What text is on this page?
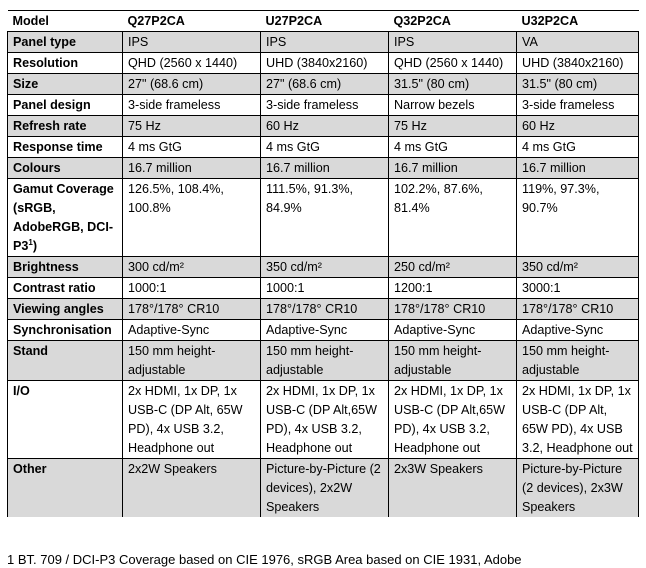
Model	Q27P2CA	U27P2CA	Q32P2CA	U32P2CA
Panel type	IPS	IPS	IPS	VA
Resolution	QHD (2560 x 1440)	UHD (3840x2160)	QHD (2560 x 1440)	UHD (3840x2160)
Size	27" (68.6 cm)	27" (68.6 cm)	31.5" (80 cm)	31.5" (80 cm)
Panel design	3-side frameless	3-side frameless	Narrow bezels	3-side frameless
Refresh rate	75 Hz	60 Hz	75 Hz	60 Hz
Response time	4 ms GtG	4 ms GtG	4 ms GtG	4 ms GtG
Colours	16.7 million	16.7 million	16.7 million	16.7 million
Gamut Coverage (sRGB, AdobeRGB, DCI-$P3^1$)	126.5%, 108.4%, 100.8%	111.5%, 91.3%, 84.9%	102.2%, 87.6%, 81.4%	119%, 97.3%, 90.7%
Brightness	300 cd/m²	350 cd/m²	250 cd/m²	350 cd/m²
Contrast ratio	1000:1	1000:1	1200:1	3000:1
Viewing angles	178°/178° CR10	178°/178° CR10	178°/178° CR10	178°/178° CR10
Synchronisation	Adaptive-Sync	Adaptive-Sync	Adaptive-Sync	Adaptive-Sync
Stand	150 mm height-adjustable	150 mm height-adjustable	150 mm height-adjustable	150 mm height-adjustable
I/O	2x HDMI, 1x DP, 1x USB-C (DP Alt, 65W PD), 4x USB 3.2, Headphone out	2x HDMI, 1x DP, 1x USB-C (DP Alt,65W PD), 4x USB 3.2, Headphone out	2x HDMI, 1x DP, 1x USB-C (DP Alt,65W PD), 4x USB 3.2, Headphone out	2x HDMI, 1x DP, 1x USB-C (DP Alt, 65W PD), 4x USB 3.2, Headphone out
Other	2x2W Speakers	Picture-by-Picture (2 devices), 2x2W Speakers	2x3W Speakers	Picture-by-Picture (2 devices), 2x3W Speakers
1 BT. 709 / DCI-P3 Coverage based on CIE 1976, sRGB Area based on CIE 1931, Adobe
